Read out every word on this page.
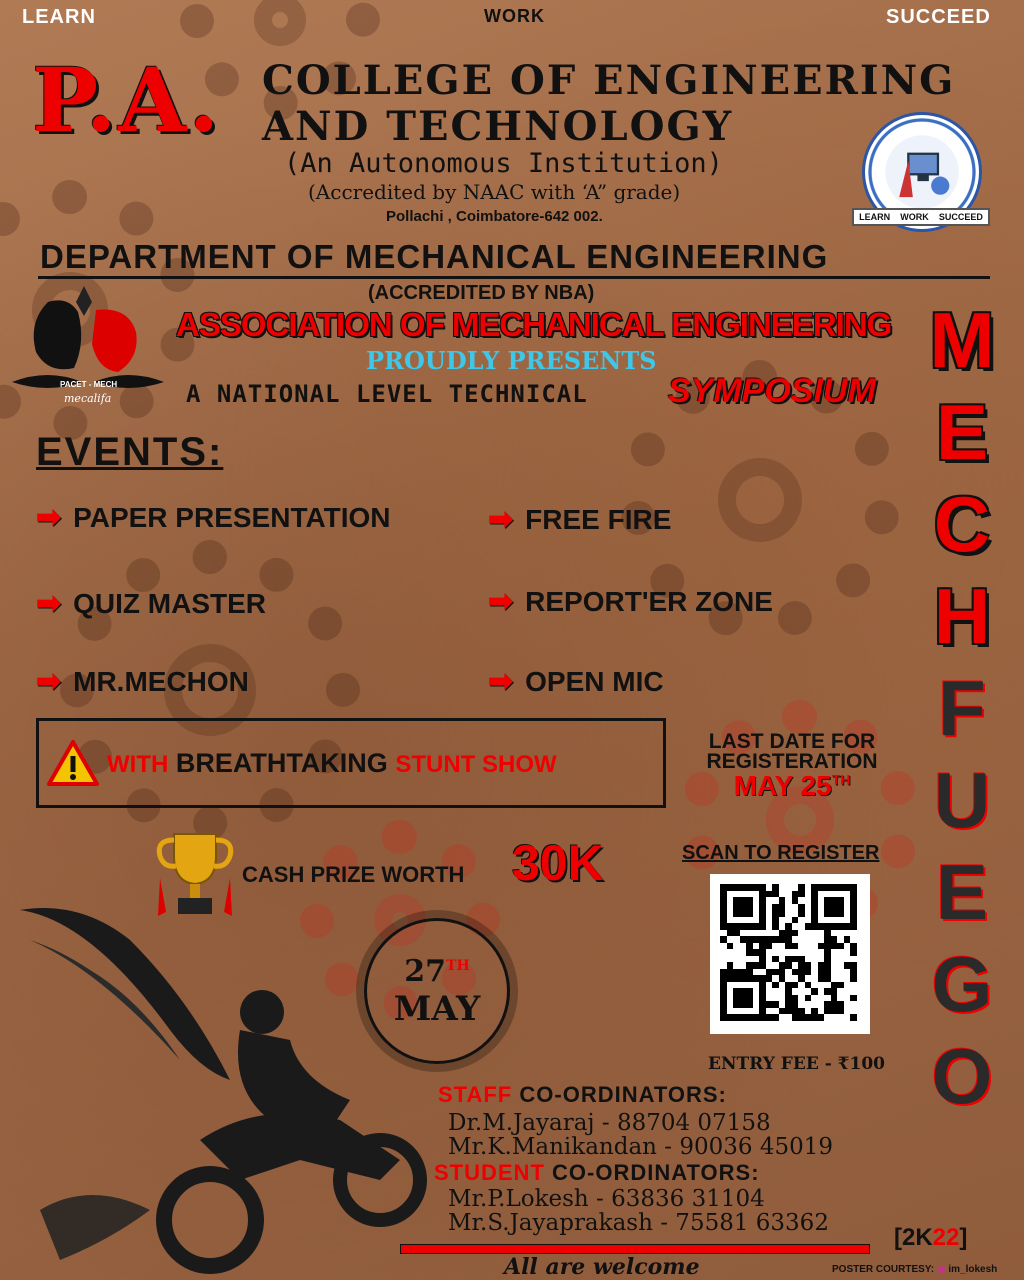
LEARN	WORK	SUCCEED
P.A. COLLEGE OF ENGINEERING
AND TECHNOLOGY
(An Autonomous Institution)
(Accredited by NAAC with ‘A” grade)
Pollachi , Coimbatore-642 002.	LEARN WORK SUCCEED
DEPARTMENT OF MECHANICAL ENGINEERING
(ACCREDITED BY NBA)
PACET - MECH
mecalifa
ASSOCIATION OF MECHANICAL ENGINEERING
PROUDLY PRESENTS
A NATIONAL LEVEL TECHNICAL SYMPOSIUM
EVENTS:
➡ PAPER PRESENTATION
➡ QUIZ MASTER
➡ MR.MECHON
➡ FREE FIRE
➡ REPORT'ER ZONE
➡ OPEN MIC
WITH BREATHTAKING STUNT SHOW
LAST DATE FOR
REGISTERATION
MAY 25TH
CASH PRIZE WORTH 30K	SCAN TO REGISTER
ENTRY FEE - ₹100
27TH
MAY
STAFF CO-ORDINATORS:
Dr.M.Jayaraj - 88704 07158
Mr.K.Manikandan - 90036 45019
STUDENT CO-ORDINATORS:
Mr.P.Lokesh - 63836 31104
Mr.S.Jayaprakash - 75581 63362
M
E
C
H
F
U
E
G
O
[2K22]
All are welcome	POSTER COURTESY: ◉ im_lokesh
